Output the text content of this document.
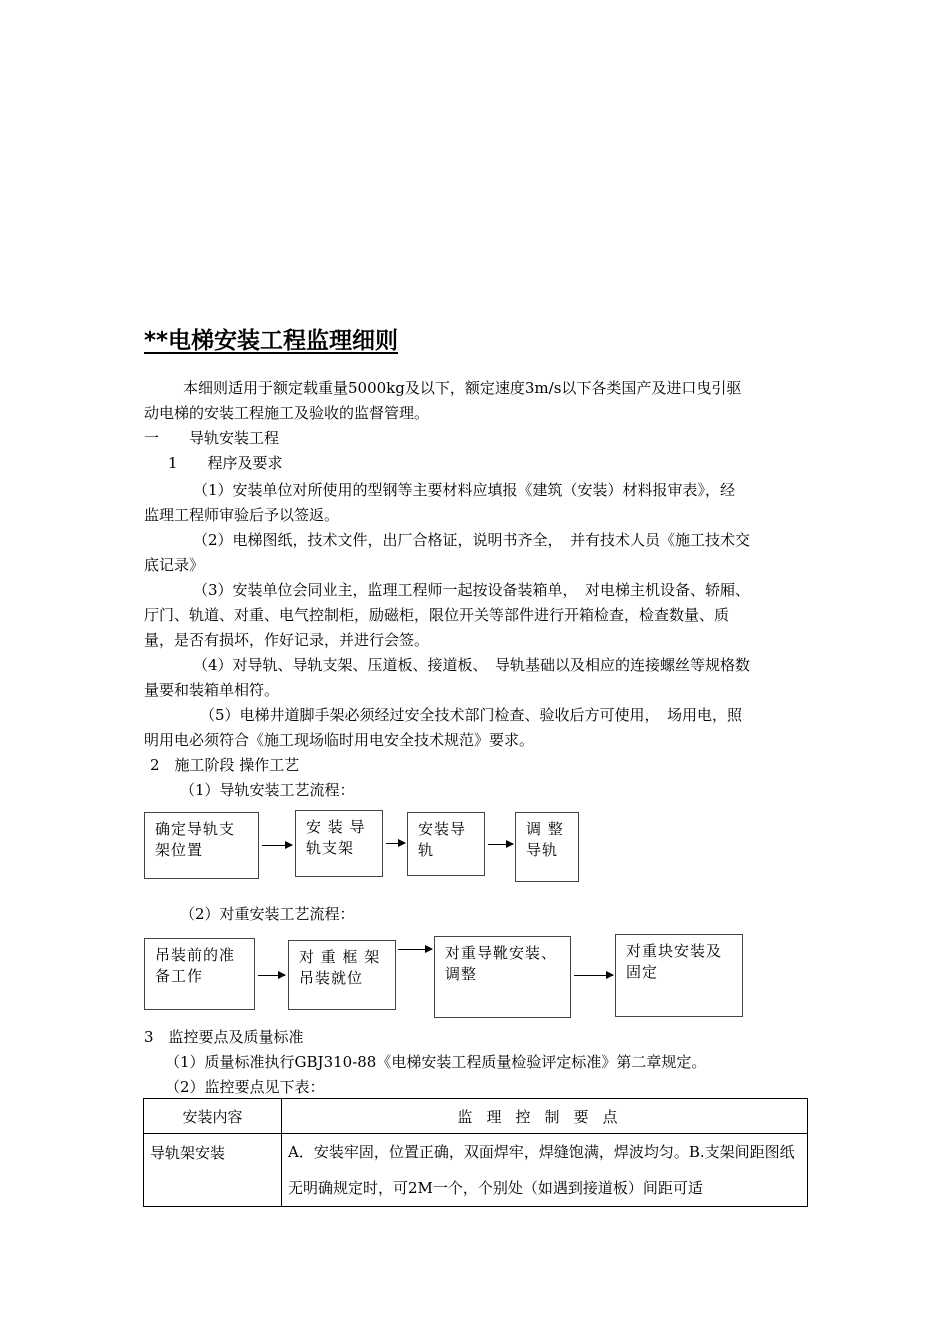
**电梯安装工程监理细则
本细则适用于额定载重量5000kg及以下，额定速度3m/s以下各类国产及进口曳引驱
动电梯的安装工程施工及验收的监督管理。
一　　导轨安装工程
1　　程序及要求
（1）安装单位对所使用的型钢等主要材料应填报《建筑（安装）材料报审表》，经
监理工程师审验后予以签返。
（2）电梯图纸，技术文件，出厂合格证，说明书齐全，　并有技术人员《施工技术交
底记录》
（3）安装单位会同业主，监理工程师一起按设备装箱单，　对电梯主机设备、轿厢、
厅门、轨道、对重、电气控制柜，励磁柜，限位开关等部件进行开箱检查，检查数量、质
量，是否有损坏，作好记录，并进行会签。
（4）对导轨、导轨支架、压道板、接道板、　导轨基础以及相应的连接螺丝等规格数
量要和装箱单相符。
（5）电梯井道脚手架必须经过安全技术部门检查、验收后方可使用，　场用电，照
明用电必须符合《施工现场临时用电安全技术规范》要求。
2　施工阶段 操作工艺
（1）导轨安装工艺流程：
确定导轨支架位置
安 装 导轨支架
安装导轨
调 整导轨
（2）对重安装工艺流程：
吊装前的准备工作
对 重 框 架吊装就位
对重导靴安装、调整
对重块安装及固定
3　监控要点及质量标准
（1）质量标准执行GBJ310-88《电梯安装工程质量检验评定标准》第二章规定。
（2）监控要点见下表：
安装内容	监理控制要点
导轨架安装	A．安装牢固，位置正确，双面焊牢，焊缝饱满，焊波均匀。B.支架间距图纸无明确规定时，可2M一个，个别处（如遇到接道板）间距可适
